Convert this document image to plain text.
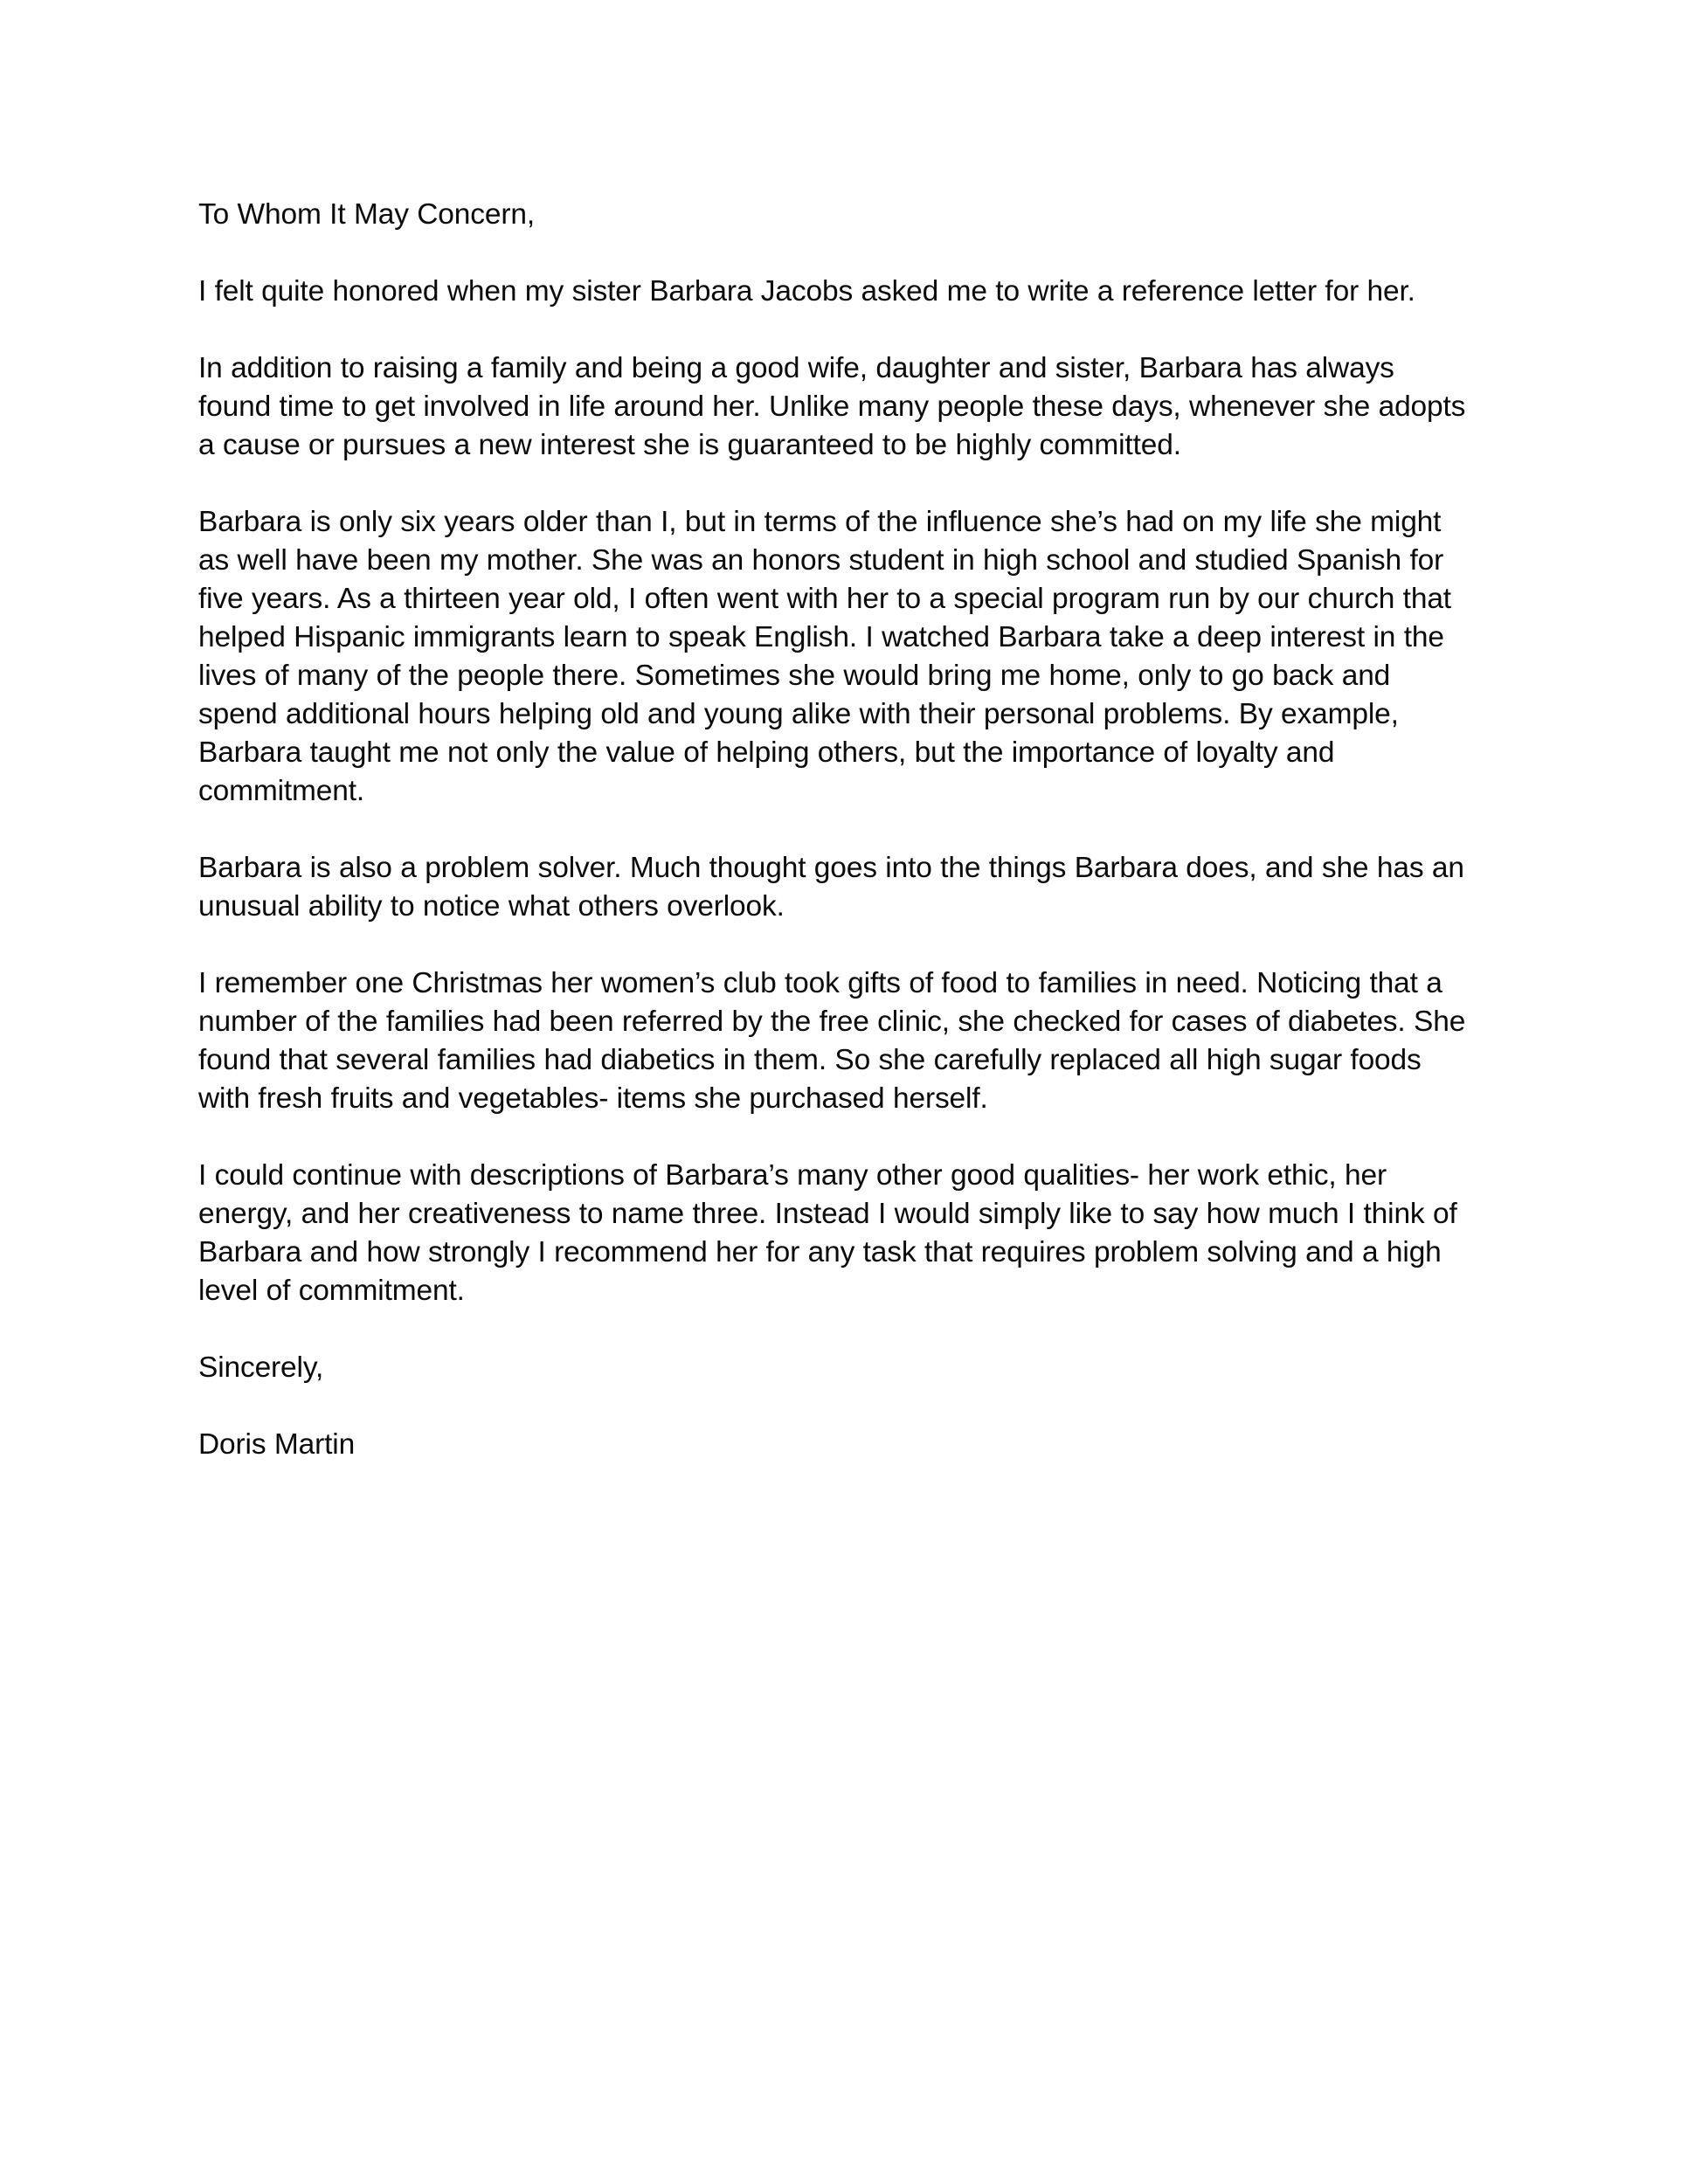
To Whom It May Concern,

I felt quite honored when my sister Barbara Jacobs asked me to write a reference letter for her.

In addition to raising a family and being a good wife, daughter and sister, Barbara has always found time to get involved in life around her. Unlike many people these days, whenever she adopts a cause or pursues a new interest she is guaranteed to be highly committed.

Barbara is only six years older than I, but in terms of the influence she’s had on my life she might as well have been my mother. She was an honors student in high school and studied Spanish for five years. As a thirteen year old, I often went with her to a special program run by our church that helped Hispanic immigrants learn to speak English. I watched Barbara take a deep interest in the lives of many of the people there. Sometimes she would bring me home, only to go back and spend additional hours helping old and young alike with their personal problems. By example, Barbara taught me not only the value of helping others, but the importance of loyalty and commitment.

Barbara is also a problem solver. Much thought goes into the things Barbara does, and she has an unusual ability to notice what others overlook.

I remember one Christmas her women’s club took gifts of food to families in need. Noticing that a number of the families had been referred by the free clinic, she checked for cases of diabetes. She found that several families had diabetics in them. So she carefully replaced all high sugar foods with fresh fruits and vegetables- items she purchased herself.

I could continue with descriptions of Barbara’s many other good qualities- her work ethic, her energy, and her creativeness to name three. Instead I would simply like to say how much I think of Barbara and how strongly I recommend her for any task that requires problem solving and a high level of commitment.

Sincerely,

Doris Martin
